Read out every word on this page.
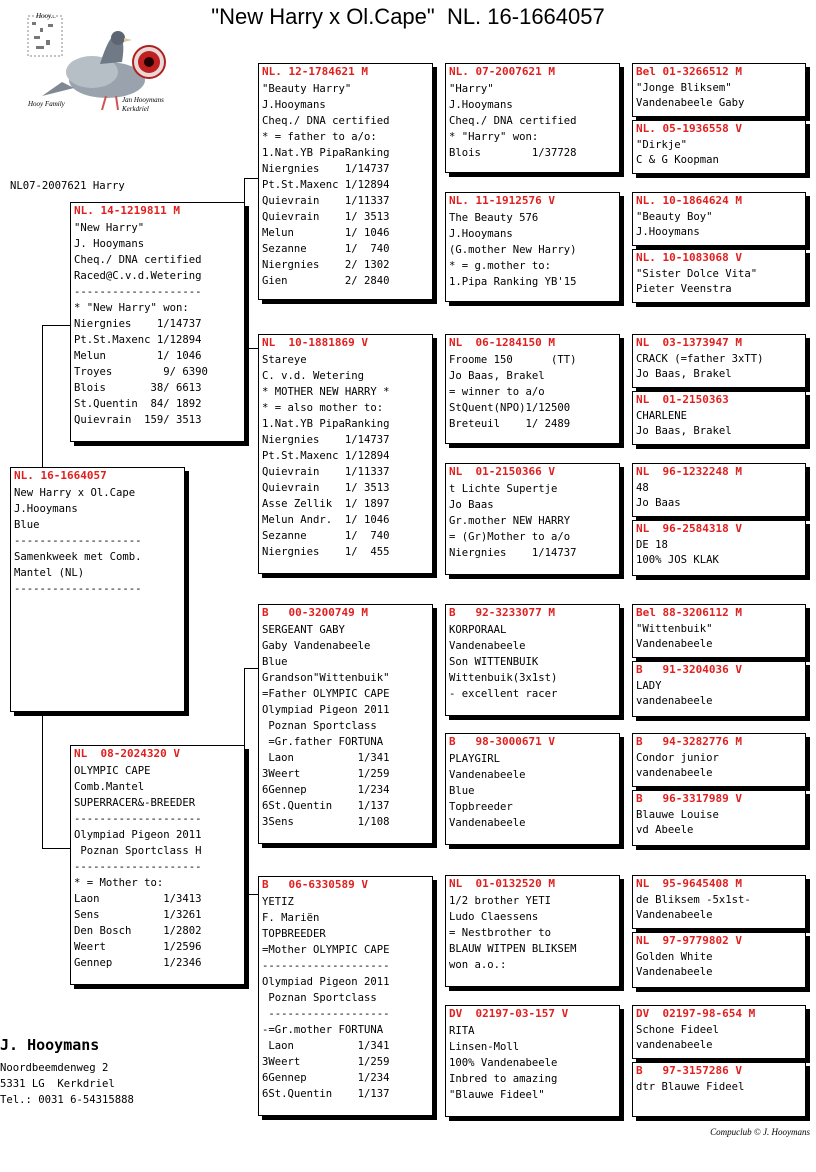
"New Harry x Ol.Cape"  NL. 16-1664057
Hooy...
Hooy Family	Jan Hooymans Kerkdriel
NL07-2007621 Harry
NL. 16-1664057
New Harry x Ol.Cape
J.Hooymans
Blue
--------------------
Samenkweek met Comb.
Mantel (NL)
--------------------
NL. 14-1219811 M
"New Harry"
J. Hooymans
Cheq./ DNA certified
Raced@C.v.d.Wetering
--------------------
* "New Harry" won:
Niergnies    1/14737
Pt.St.Maxenc 1/12894
Melun        1/ 1046
Troyes        9/ 6390
Blois       38/ 6613
St.Quentin  84/ 1892
Quievrain  159/ 3513
NL  08-2024320 V
OLYMPIC CAPE
Comb.Mantel
SUPERRACER&-BREEDER
--------------------
Olympiad Pigeon 2011
Poznan Sportclass H
--------------------
* = Mother to:
Laon          1/3413
Sens          1/3261
Den Bosch     1/2802
Weert         1/2596
Gennep        1/2346
NL. 12-1784621 M
"Beauty Harry"
J.Hooymans
Cheq./ DNA certified
* = father to a/o:
1.Nat.YB PipaRanking
Niergnies    1/14737
Pt.St.Maxenc 1/12894
Quievrain    1/11337
Quievrain    1/ 3513
Melun        1/ 1046
Sezanne      1/  740
Niergnies    2/ 1302
Gien         2/ 2840
NL  10-1881869 V
Stareye
C. v.d. Wetering
* MOTHER NEW HARRY *
* = also mother to:
1.Nat.YB PipaRanking
Niergnies    1/14737
Pt.St.Maxenc 1/12894
Quievrain    1/11337
Quievrain    1/ 3513
Asse Zellik  1/ 1897
Melun Andr.  1/ 1046
Sezanne      1/  740
Niergnies    1/  455
B   00-3200749 M
SERGEANT GABY
Gaby Vandenabeele
Blue
Grandson"Wittenbuik"
=Father OLYMPIC CAPE
Olympiad Pigeon 2011
Poznan Sportclass
=Gr.father FORTUNA
Laon          1/341
3Weert         1/259
6Gennep        1/234
6St.Quentin    1/137
3Sens          1/108
B   06-6330589 V
YETIZ
F. Mariën
TOPBREEDER
=Mother OLYMPIC CAPE
--------------------
Olympiad Pigeon 2011
Poznan Sportclass
-------------------
-=Gr.mother FORTUNA
Laon          1/341
3Weert         1/259
6Gennep        1/234
6St.Quentin    1/137
NL. 07-2007621 M
"Harry"
J.Hooymans
Cheq./ DNA certified
* "Harry" won:
Blois        1/37728
NL. 11-1912576 V
The Beauty 576
J.Hooymans
(G.mother New Harry)
* = g.mother to:
1.Pipa Ranking YB'15
NL  06-1284150 M
Froome 150      (TT)
Jo Baas, Brakel
= winner to a/o
StQuent(NPO)1/12500
Breteuil    1/ 2489
NL  01-2150366 V
t Lichte Supertje
Jo Baas
Gr.mother NEW HARRY
= (Gr)Mother to a/o
Niergnies    1/14737
B   92-3233077 M
KORPORAAL
Vandenabeele
Son WITTENBUIK
Wittenbuik(3x1st)
- excellent racer
B   98-3000671 V
PLAYGIRL
Vandenabeele
Blue
Topbreeder
Vandenabeele
NL  01-0132520 M
1/2 brother YETI
Ludo Claessens
= Nestbrother to
BLAUW WITPEN BLIKSEM
won a.o.:
DV  02197-03-157 V
RITA
Linsen-Moll
100% Vandenabeele
Inbred to amazing
"Blauwe Fideel"
Bel 01-3266512 M
"Jonge Bliksem"
Vandenabeele Gaby
NL. 05-1936558 V
"Dirkje"
C & G Koopman
NL. 10-1864624 M
"Beauty Boy"
J.Hooymans
NL. 10-1083068 V
"Sister Dolce Vita"
Pieter Veenstra
NL  03-1373947 M
CRACK (=father 3xTT)
Jo Baas, Brakel
NL  01-2150363
CHARLENE
Jo Baas, Brakel
NL  96-1232248 M
48
Jo Baas
NL  96-2584318 V
DE 18
100% JOS KLAK
Bel 88-3206112 M
"Wittenbuik"
Vandenabeele
B   91-3204036 V
LADY
vandenabeele
B   94-3282776 M
Condor junior
vandenabeele
B   96-3317989 V
Blauwe Louise
vd Abeele
NL  95-9645408 M
de Bliksem -5x1st-
Vandenabeele
NL  97-9779802 V
Golden White
Vandenabeele
DV  02197-98-654 M
Schone Fideel
vandenabeele
B   97-3157286 V
dtr Blauwe Fideel
J. Hooymans
Noordbeemdenweg 2
5331 LG  Kerkdriel
Tel.: 0031 6-54315888
Compuclub © J. Hooymans
